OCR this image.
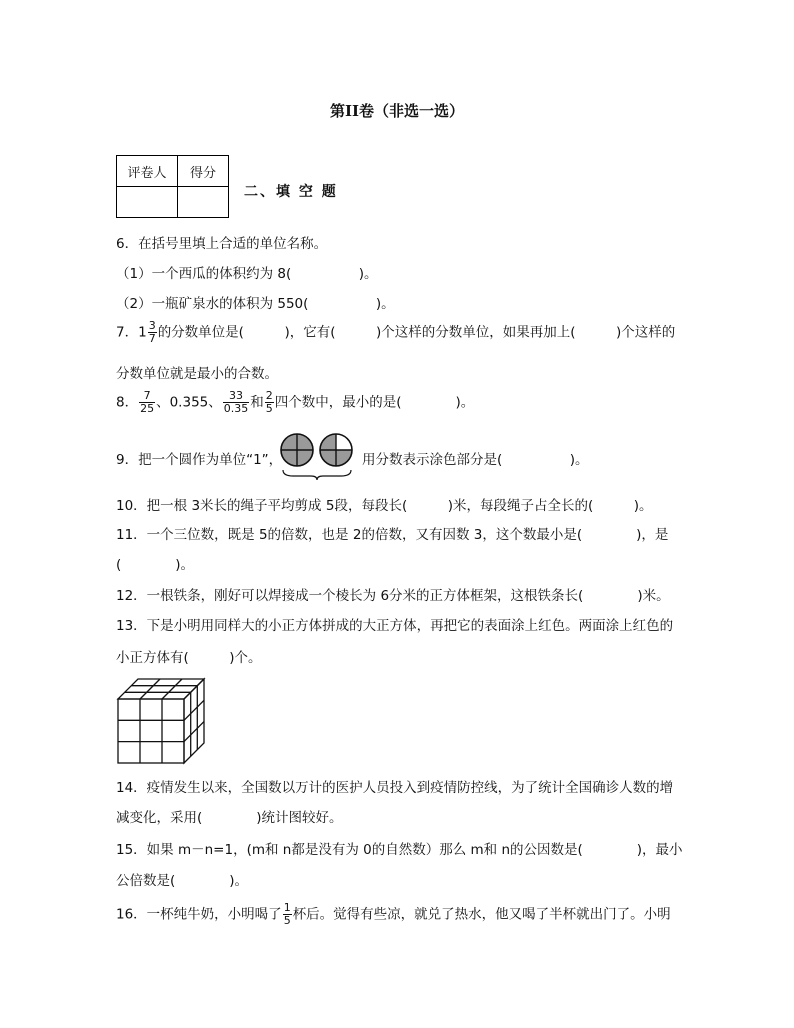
第II卷（非选一选）
评卷人	得分

二、填 空 题
6．在括号里填上合适的单位名称。
（1）一个西瓜的体积约为 8(　　　　　)。
（2）一瓶矿泉水的体积为 550(　　　　　)。
7．$1 \frac{3}{7}$ 的分数单位是(　　　)，它有(　　　)个这样的分数单位，如果再加上(　　　)个这样的
分数单位就是最小的合数。
8． $\frac{7}{25}$ 、0.355、 $\frac{33}{0.35}$ 和 $\frac{2}{5}$ 四个数中，最小的是(　　　　)。
9．把一个圆作为单位“1”，	用分数表示涂色部分是(　　　　　)。
10．把一根 3米长的绳子平均剪成 5段，每段长(　　　)米，每段绳子占全长的(　　　)。
11．一个三位数，既是 5的倍数，也是 2的倍数，又有因数 3，这个数最小是(　　　　)，是
(　　　　)。
12．一根铁条，刚好可以焊接成一个棱长为 6分米的正方体框架，这根铁条长(　　　　)米。
13．下是小明用同样大的小正方体拼成的大正方体，再把它的表面涂上红色。两面涂上红色的
小正方体有(　　　)个。
14．疫情发生以来，全国数以万计的医护人员投入到疫情防控线，为了统计全国确诊人数的增
减变化，采用(　　　　)统计图较好。
15．如果 m－n=1，(m和 n都是没有为 0的自然数）那么 m和 n的公因数是(　　　　)，最小
公倍数是(　　　　)。
16．一杯纯牛奶，小明喝了 $\frac{1}{5}$ 杯后。觉得有些凉，就兑了热水，他又喝了半杯就出门了。小明
